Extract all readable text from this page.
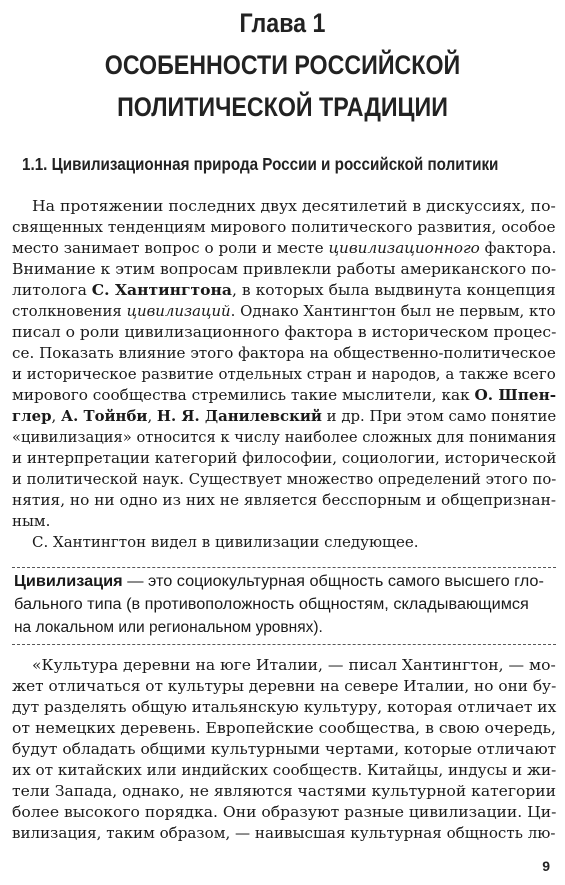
Глава 1
ОСОБЕННОСТИ РОССИЙСКОЙ
ПОЛИТИЧЕСКОЙ ТРАДИЦИИ
1.1. Цивилизационная природа России и российской политики
На протяжении последних двух десятилетий в дискуссиях, по-
священных тенденциям мирового политического развития, особое
место занимает вопрос о роли и месте цивилизационного фактора.
Внимание к этим вопросам привлекли работы американского по-
литолога С. Хантингтона, в которых была выдвинута концепция
столкновения цивилизаций. Однако Хантингтон был не первым, кто
писал о роли цивилизационного фактора в историческом процес-
се. Показать влияние этого фактора на общественно-политическое
и историческое развитие отдельных стран и народов, а также всего
мирового сообщества стремились такие мыслители, как О. Шпен-
глер, А. Тойнби, Н. Я. Данилевский и др. При этом само понятие
«цивилизация» относится к числу наиболее сложных для понимания
и интерпретации категорий философии, социологии, исторической
и политической наук. Существует множество определений этого по-
нятия, но ни одно из них не является бесспорным и общепризнан-
ным.
С. Хантингтон видел в цивилизации следующее.
Цивилизация — это социокультурная общность самого высшего гло-
бального типа (в противоположность общностям, складывающимся
на локальном или региональном уровнях).
«Культура деревни на юге Италии, — писал Хантингтон, — мо-
жет отличаться от культуры деревни на севере Италии, но они бу-
дут разделять общую итальянскую культуру, которая отличает их
от немецких деревень. Европейские сообщества, в свою очередь,
будут обладать общими культурными чертами, которые отличают
их от китайских или индийских сообществ. Китайцы, индусы и жи-
тели Запада, однако, не являются частями культурной категории
более высокого порядка. Они образуют разные цивилизации. Ци-
вилизация, таким образом, — наивысшая культурная общность лю-
9
